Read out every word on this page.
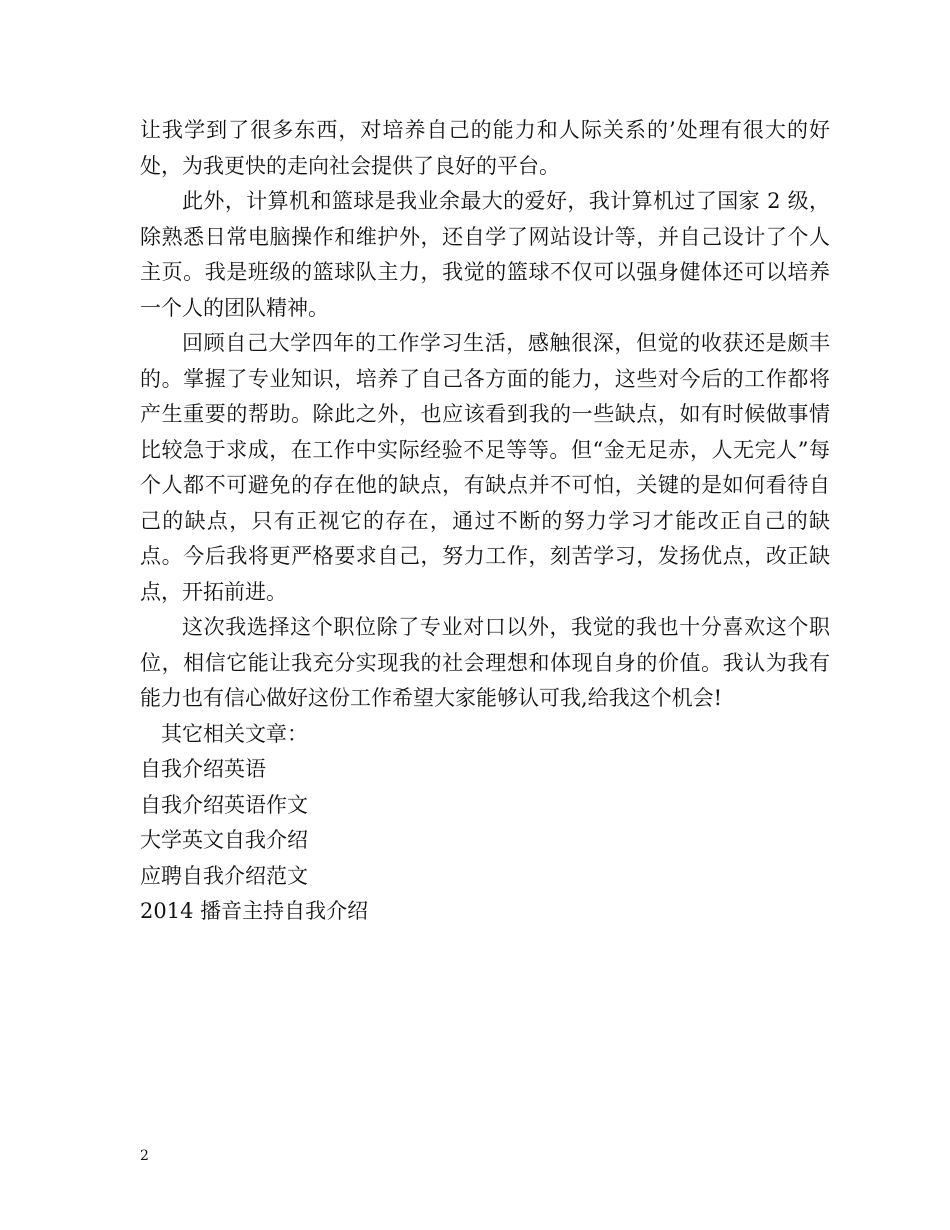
让我学到了很多东西，对培养自己的能力和人际关系的’处理有很大的好处，为我更快的走向社会提供了良好的平台。

此外，计算机和篮球是我业余最大的爱好，我计算机过了国家 2 级，除熟悉日常电脑操作和维护外，还自学了网站设计等，并自己设计了个人主页。我是班级的篮球队主力，我觉的篮球不仅可以强身健体还可以培养一个人的团队精神。

回顾自己大学四年的工作学习生活，感触很深，但觉的收获还是颇丰的。掌握了专业知识，培养了自己各方面的能力，这些对今后的工作都将产生重要的帮助。除此之外，也应该看到我的一些缺点，如有时候做事情比较急于求成，在工作中实际经验不足等等。但“金无足赤，人无完人”每个人都不可避免的存在他的缺点，有缺点并不可怕，关键的是如何看待自己的缺点，只有正视它的存在，通过不断的努力学习才能改正自己的缺点。今后我将更严格要求自己，努力工作，刻苦学习，发扬优点，改正缺点，开拓前进。

这次我选择这个职位除了专业对口以外，我觉的我也十分喜欢这个职位，相信它能让我充分实现我的社会理想和体现自身的价值。我认为我有能力也有信心做好这份工作希望大家能够认可我,给我这个机会!

其它相关文章：

自我介绍英语
自我介绍英语作文
大学英文自我介绍
应聘自我介绍范文
2014 播音主持自我介绍
2
